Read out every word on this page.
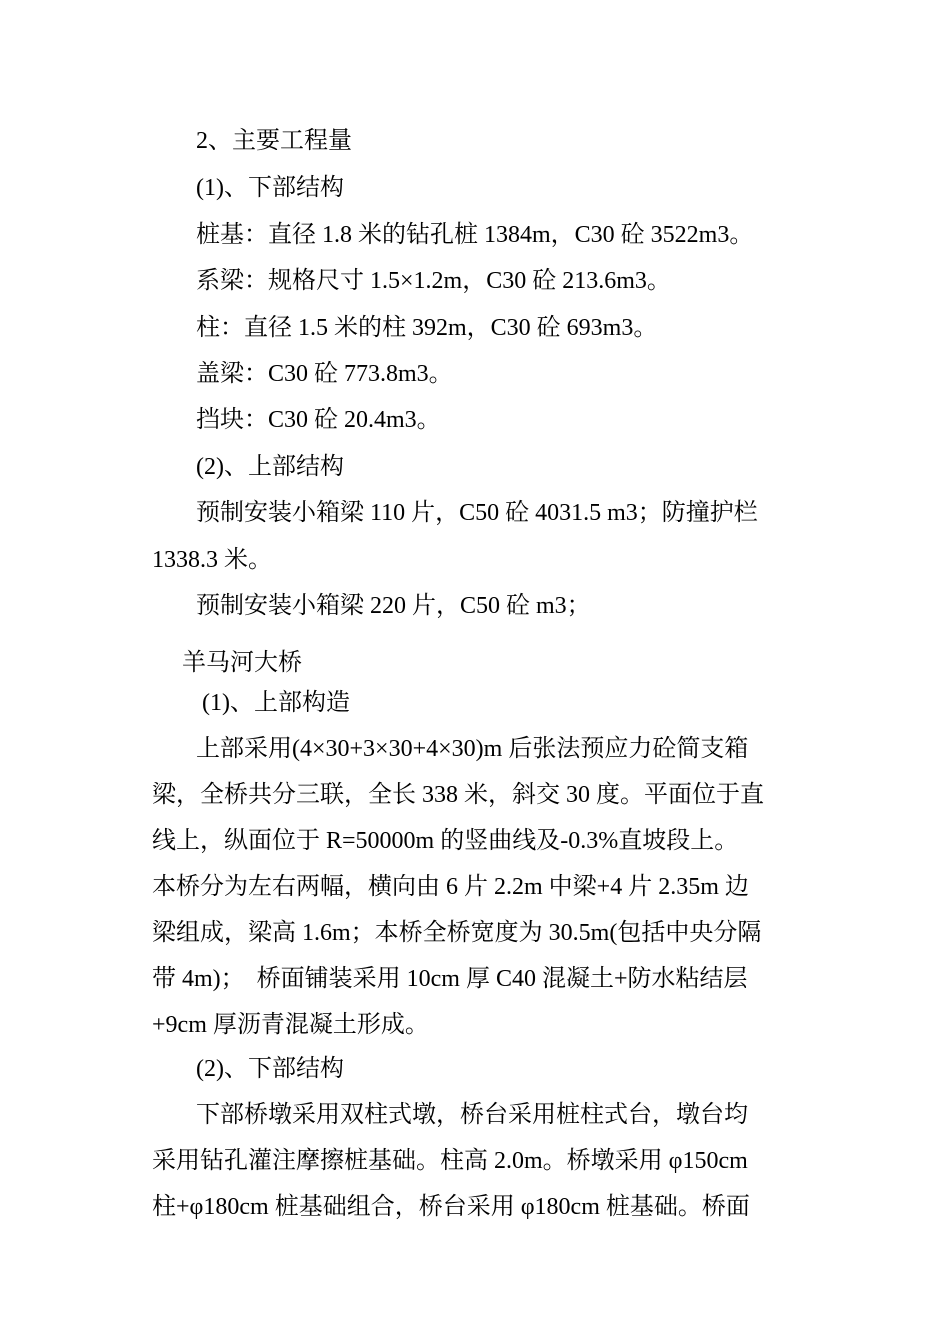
2、主要工程量
(1)、下部结构
桩基：直径 1.8 米的钻孔桩 1384m，C30 砼 3522m3。
系梁：规格尺寸 1.5×1.2m，C30 砼 213.6m3。
柱：直径 1.5 米的柱 392m，C30 砼 693m3。
盖梁：C30 砼 773.8m3。
挡块：C30 砼 20.4m3。
(2)、上部结构
预制安装小箱梁 110 片，C50 砼 4031.5 m3；防撞护栏
1338.3 米。
预制安装小箱梁 220 片，C50 砼 m3；
羊马河大桥
(1)、上部构造
上部采用(4×30+3×30+4×30)m 后张法预应力砼简支箱
梁，全桥共分三联，全长 338 米，斜交 30 度。平面位于直
线上，纵面位于 R=50000m 的竖曲线及-0.3%直坡段上。
本桥分为左右两幅，横向由 6 片 2.2m 中梁+4 片 2.35m 边
梁组成，梁高 1.6m；本桥全桥宽度为 30.5m(包括中央分隔
带 4m)；  桥面铺装采用 10cm 厚 C40 混凝土+防水粘结层
+9cm 厚沥青混凝土形成。
(2)、下部结构
下部桥墩采用双柱式墩，桥台采用桩柱式台，墩台均
采用钻孔灌注摩擦桩基础。柱高 2.0m。桥墩采用 φ150cm
柱+φ180cm 桩基础组合，桥台采用 φ180cm 桩基础。桥面
